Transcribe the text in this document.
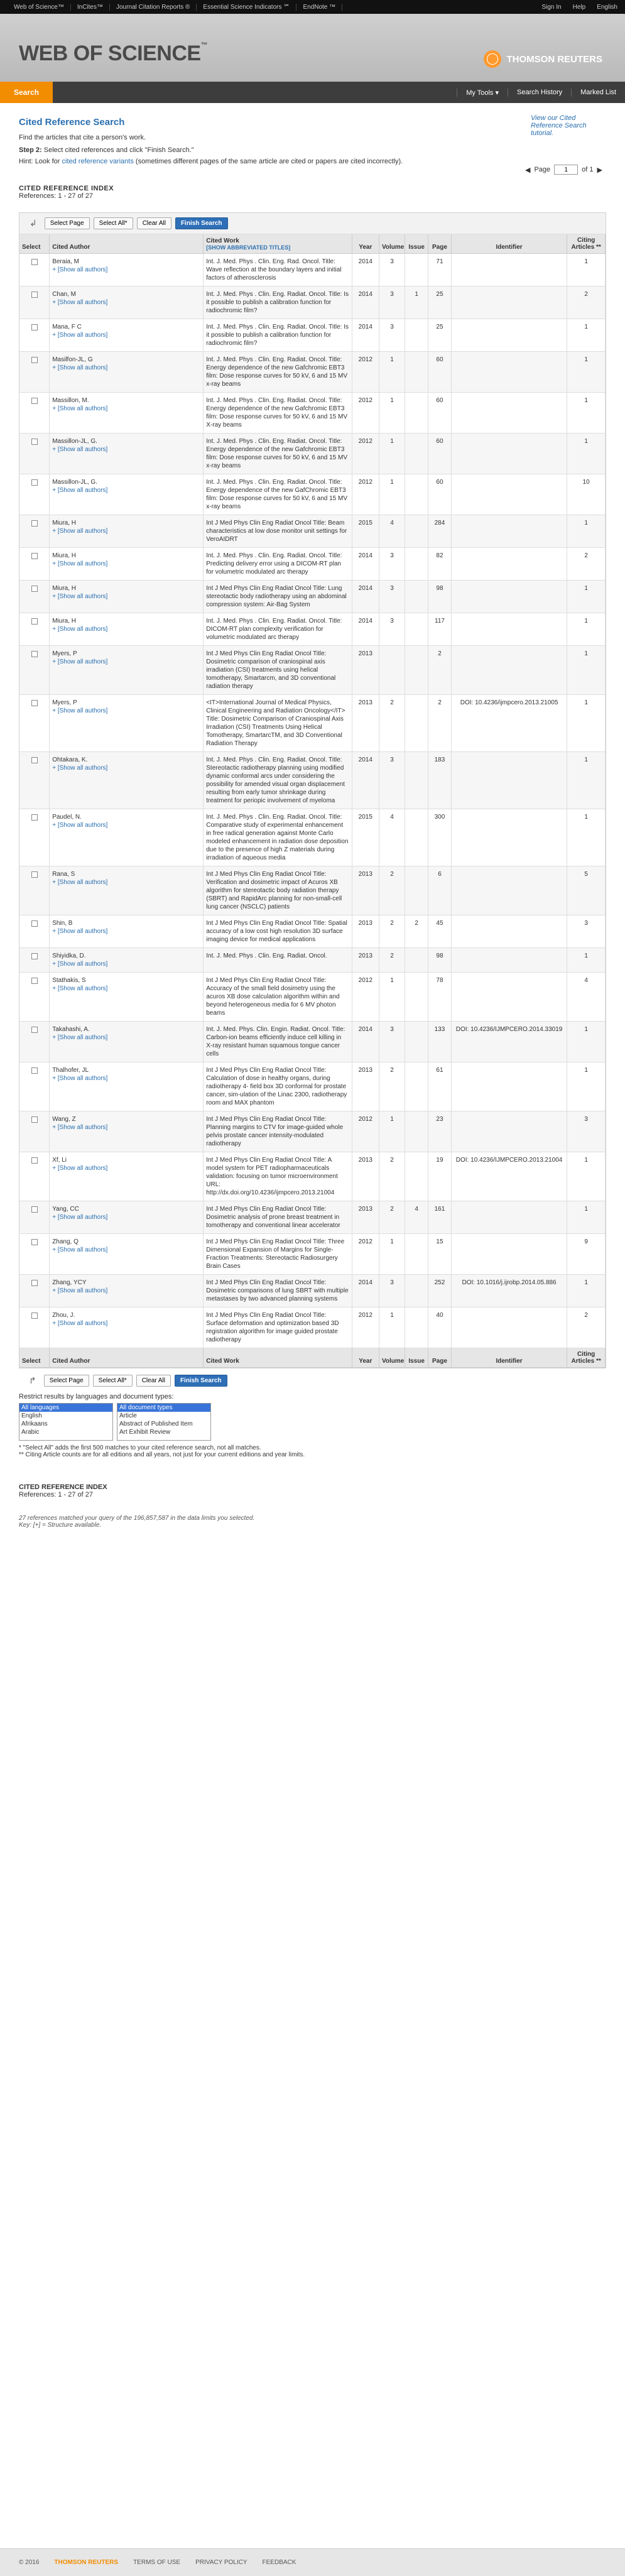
Web of Science™	InCites™	Journal Citation Reports ®	Essential Science Indicators ℠	EndNote ™	Sign In Help English
WEB OF SCIENCE™
THOMSON REUTERS
Search	My Tools ▾	Search History	Marked List
Cited Reference Search

Find the articles that cite a person's work.

Step 2: Select cited references and click "Finish Search."

Hint: Look for cited reference variants (sometimes different pages of the same article are cited or papers are cited incorrectly).

View our Cited Reference Search tutorial.
CITED REFERENCE INDEX
References: 1 - 27 of 27
◀ Page
1	of 1 ▶
↲	Select Page	Select All*	Clear All	Finish Search
Select	Cited Author	Cited Work
[SHOW ABBREVIATED TITLES]	Year	Volume	Issue	Page	Identifier	Citing Articles **
	Beraia, M
+ [Show all authors]	Int. J. Med. Phys . Clin. Eng. Rad. Oncol. Title: Wave reflection at the boundary layers and initial factors of atherosclerosis	2014	3		71		1
	Chan, M
+ [Show all authors]	Int. J. Med. Phys . Clin. Eng. Radiat. Oncol. Title: Is it possible to publish a calibration function for radiochromic film?	2014	3	1	25		2
	Mana, F C
+ [Show all authors]	Int. J. Med. Phys . Clin. Eng. Radiat. Oncol. Title: Is it possible to publish a calibration function for radiochromic film?	2014	3		25		1
	Masilfon-JL, G
+ [Show all authors]	Int. J. Med. Phys . Clin. Eng. Radiat. Oncol. Title: Energy dependence of the new Gafchromic EBT3 film: Dose response curves for 50 kV, 6 and 15 MV x-ray beams	2012	1		60		1
	Massillon, M.
+ [Show all authors]	Int. J. Med. Phys . Clin. Eng. Radiat. Oncol. Title: Energy dependence of the new Gafchromic EBT3 film: Dose response curves for 50 kV, 6 and 15 MV X-ray beams	2012	1		60		1
	Massillon-JL, G.
+ [Show all authors]	Int. J. Med. Phys . Clin. Eng. Radiat. Oncol. Title: Energy dependence of the new Gafchromic EBT3 film: Dose response curves for 50 kV, 6 and 15 MV x-ray beams	2012	1		60		1
	Massillon-JL, G.
+ [Show all authors]	Int. J. Med. Phys . Clin. Eng. Radiat. Oncol. Title: Energy dependence of the new GafChromic EBT3 film: Dose response curves for 50 kV, 6 and 15 MV x-ray beams	2012	1		60		10
	Miura, H
+ [Show all authors]	Int J Med Phys Clin Eng Radiat Oncol Title: Beam characteristics at low dose monitor unit settings for VeroAIDRT	2015	4		284		1
	Miura, H
+ [Show all authors]	Int. J. Med. Phys . Clin. Eng. Radiat. Oncol. Title: Predicting delivery error using a DICOM-RT plan for volumetric modulated arc therapy	2014	3		82		2
	Miura, H
+ [Show all authors]	Int J Med Phys Clin Eng Radiat Oncol Title: Lung stereotactic body radiotherapy using an abdominal compression system: Air-Bag System	2014	3		98		1
	Miura, H
+ [Show all authors]	Int. J. Med. Phys . Clin. Eng. Radiat. Oncol. Title: DICOM-RT plan complexity verification for volumetric modulated arc therapy	2014	3		117		1
	Myers, P
+ [Show all authors]	Int J Med Phys Clin Eng Radiat Oncol Title: Dosimetric comparison of craniospinal axis irradiation (CSI) treatments using helical tomotherapy, Smartarcm, and 3D conventional radiation therapy	2013			2		1
	Myers, P
+ [Show all authors]	<IT>International Journal of Medical Physics, Clinical Engineering and Radiation Oncology</IT> Title: Dosimetric Comparison of Craniospinal Axis Irradiation (CSI) Treatments Using Helical Tomotherapy, SmartarcTM, and 3D Conventional Radiation Therapy	2013	2		2	DOI: 10.4236/ijmpcero.2013.21005	1
	Ohtakara, K.
+ [Show all authors]	Int. J. Med. Phys . Clin. Eng. Radiat. Oncol. Title: Stereotactic radiotherapy planning using modified dynamic conformal arcs under considering the possibility for amended visual organ displacement resulting from early tumor shrinkage during treatment for periopic involvement of myeloma	2014	3		183		1
	Paudel, N.
+ [Show all authors]	Int. J. Med. Phys . Clin. Eng. Radiat. Oncol. Title: Comparative study of experimental enhancement in free radical generation against Monte Carlo modeled enhancement in radiation dose deposition due to the presence of high Z materials during irradiation of aqueous media	2015	4		300		1
	Rana, S
+ [Show all authors]	Int J Med Phys Clin Eng Radiat Oncol Title: Verification and dosimetric impact of Acuros XB algorithm for stereotactic body radiation therapy (SBRT) and RapidArc planning for non-small-cell lung cancer (NSCLC) patients	2013	2		6		5
	Shin, B
+ [Show all authors]	Int J Med Phys Clin Eng Radiat Oncol Title: Spatial accuracy of a low cost high resolution 3D surface imaging device for medical applications	2013	2	2	45		3
	Shiyidka, D.
+ [Show all authors]	Int. J. Med. Phys . Clin. Eng. Radiat. Oncol.	2013	2		98		1
	Stathakis, S
+ [Show all authors]	Int J Med Phys Clin Eng Radiat Oncol Title: Accuracy of the small field dosimetry using the acuros XB dose calculation algorithm within and beyond heterogeneous media for 6 MV photon beams	2012	1		78		4
	Takahashi, A.
+ [Show all authors]	Int. J. Med. Phys. Clin. Engin. Radiat. Oncol. Title: Carbon-ion beams efficiently induce cell killing in X-ray resistant human squamous tongue cancer cells	2014	3		133	DOI: 10.4236/IJMPCERO.2014.33019	1
	Thalhofer, JL
+ [Show all authors]	Int J Med Phys Clin Eng Radiat Oncol Title: Calculation of dose in healthy organs, during radiotherapy 4- field box 3D conformal for prostate cancer, sim-ulation of the Linac 2300, radiotherapy room and MAX phantom	2013	2		61		1
	Wang, Z
+ [Show all authors]	Int J Med Phys Clin Eng Radiat Oncol Title: Planning margins to CTV for image-guided whole pelvis prostate cancer intensity-modulated radiotherapy	2012	1		23		3
	Xf, Li
+ [Show all authors]	Int J Med Phys Clin Eng Radiat Oncol Title: A model system for PET radiopharmaceuticals validation: focusing on tumor microenvironment URL: http://dx.doi.org/10.4236/ijmpcero.2013.21004	2013	2		19	DOI: 10.4236/IJMPCERO.2013.21004	1
	Yang, CC
+ [Show all authors]	Int J Med Phys Clin Eng Radiat Oncol Title: Dosimetric analysis of prone breast treatment in tomotherapy and conventional linear accelerator	2013	2	4	161		1
	Zhang, Q
+ [Show all authors]	Int J Med Phys Clin Eng Radiat Oncol Title: Three Dimensional Expansion of Margins for Single-Fraction Treatments: Stereotactic Radiosurgery Brain Cases	2012	1		15		9
	Zhang, YCY
+ [Show all authors]	Int J Med Phys Clin Eng Radiat Oncol Title: Dosimetric comparisons of lung SBRT with multiple metastases by two advanced planning systems	2014	3		252	DOI: 10.1016/j.ijrobp.2014.05.886	1
	Zhou, J.
+ [Show all authors]	Int J Med Phys Clin Eng Radiat Oncol Title: Surface deformation and optimization based 3D registration algorithm for image guided prostate radiotherapy	2012	1		40		2
Select	Cited Author	Cited Work	Year	Volume	Issue	Page	Identifier	Citing Articles **
↱	Select Page	Select All*	Clear All	Finish Search
Restrict results by languages and document types:
All languages
English
Afrikaans
Arabic
All document types
Article
Abstract of Published Item
Art Exhibit Review
* "Select All" adds the first 500 matches to your cited reference search, not all matches.
** Citing Article counts are for all editions and all years, not just for your current editions and year limits.
CITED REFERENCE INDEX
References: 1 - 27 of 27
27 references matched your query of the 196,857,587 in the data limits you selected.
Key: [+] = Structure available.
© 2016 THOMSON REUTERS TERMS OF USE PRIVACY POLICY FEEDBACK
